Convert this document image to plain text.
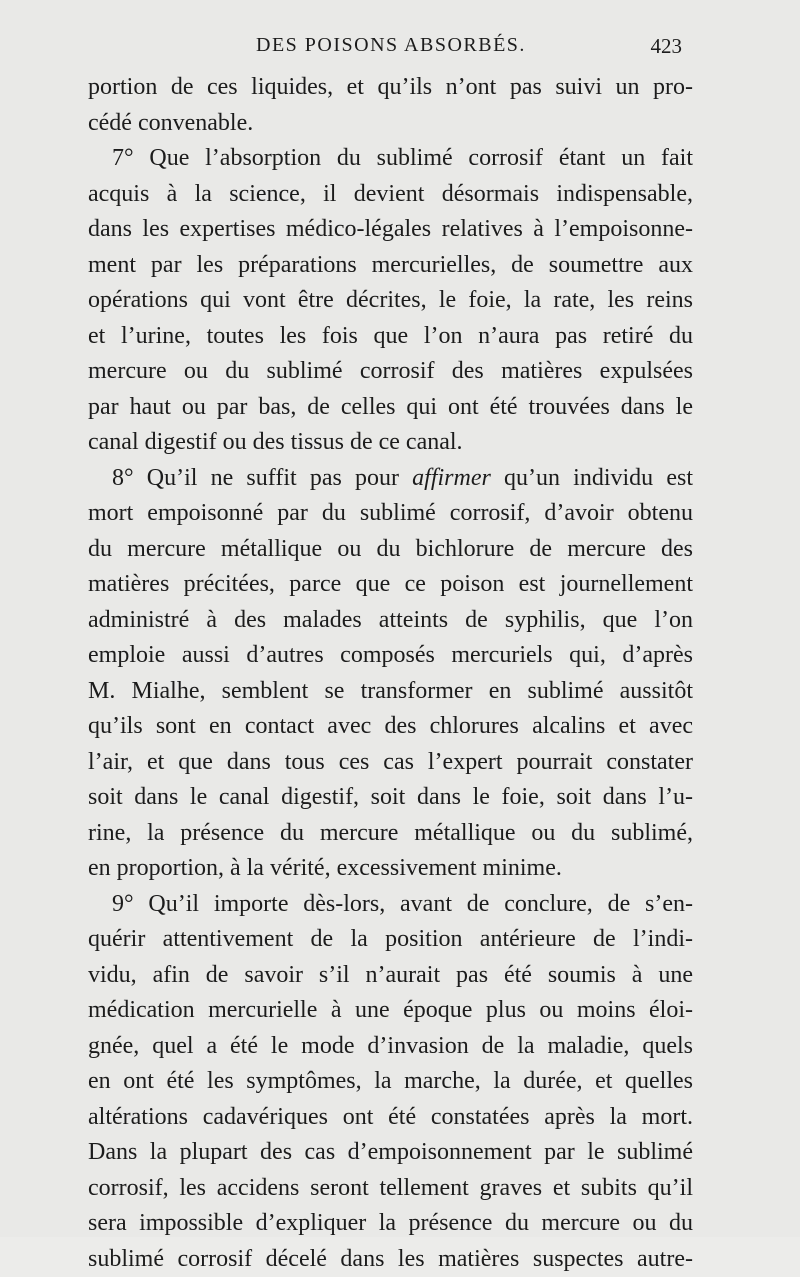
DES POISONS ABSORBÉS.	423
portion de ces liquides, et qu’ils n’ont pas suivi un pro-
cédé convenable.
7° Que l’absorption du sublimé corrosif étant un fait
acquis à la science, il devient désormais indispensable,
dans les expertises médico-légales relatives à l’empoisonne-
ment par les préparations mercurielles, de soumettre aux
opérations qui vont être décrites, le foie, la rate, les reins
et l’urine, toutes les fois que l’on n’aura pas retiré du
mercure ou du sublimé corrosif des matières expulsées
par haut ou par bas, de celles qui ont été trouvées dans le
canal digestif ou des tissus de ce canal.
8° Qu’il ne suffit pas pour affirmer qu’un individu est
mort empoisonné par du sublimé corrosif, d’avoir obtenu
du mercure métallique ou du bichlorure de mercure des
matières précitées, parce que ce poison est journellement
administré à des malades atteints de syphilis, que l’on
emploie aussi d’autres composés mercuriels qui, d’après
M. Mialhe, semblent se transformer en sublimé aussitôt
qu’ils sont en contact avec des chlorures alcalins et avec
l’air, et que dans tous ces cas l’expert pourrait constater
soit dans le canal digestif, soit dans le foie, soit dans l’u-
rine, la présence du mercure métallique ou du sublimé,
en proportion, à la vérité, excessivement minime.
9° Qu’il importe dès-lors, avant de conclure, de s’en-
quérir attentivement de la position antérieure de l’indi-
vidu, afin de savoir s’il n’aurait pas été soumis à une
médication mercurielle à une époque plus ou moins éloi-
gnée, quel a été le mode d’invasion de la maladie, quels
en ont été les symptômes, la marche, la durée, et quelles
altérations cadavériques ont été constatées après la mort.
Dans la plupart des cas d’empoisonnement par le sublimé
corrosif, les accidens seront tellement graves et subits qu’il
sera impossible d’expliquer la présence du mercure ou du
sublimé corrosif décelé dans les matières suspectes autre-
